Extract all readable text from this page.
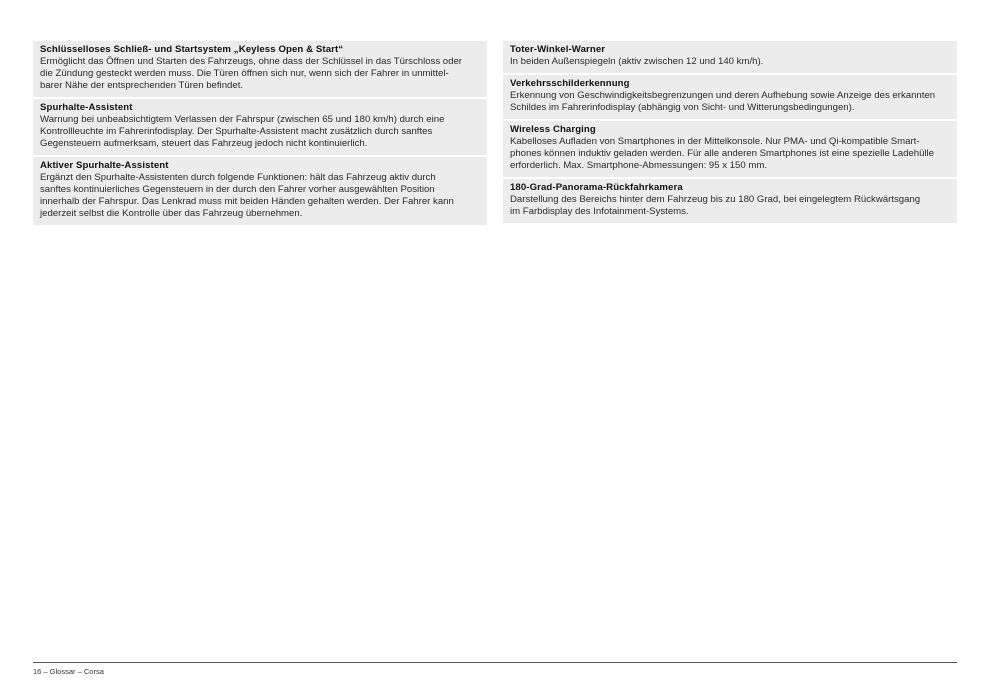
Schlüsselloses Schließ- und Startsystem „Keyless Open & Start“
Ermöglicht das Öffnen und Starten des Fahrzeugs, ohne dass der Schlüssel in das Türschloss oder
die Zündung gesteckt werden muss. Die Türen öffnen sich nur, wenn sich der Fahrer in unmittel-
barer Nähe der entsprechenden Türen befindet.
Spurhalte-Assistent
Warnung bei unbeabsichtigtem Verlassen der Fahrspur (zwischen 65 und 180 km/h) durch eine
Kontrollleuchte im Fahrerinfodisplay. Der Spurhalte-Assistent macht zusätzlich durch sanftes
Gegensteuern aufmerksam, steuert das Fahrzeug jedoch nicht kontinuierlich.
Aktiver Spurhalte-Assistent
Ergänzt den Spurhalte-Assistenten durch folgende Funktionen: hält das Fahrzeug aktiv durch
sanftes kontinuierliches Gegensteuern in der durch den Fahrer vorher ausgewählten Position
innerhalb der Fahrspur. Das Lenkrad muss mit beiden Händen gehalten werden. Der Fahrer kann
jederzeit selbst die Kontrolle über das Fahrzeug übernehmen.
Toter-Winkel-Warner
In beiden Außenspiegeln (aktiv zwischen 12 und 140 km/h).
Verkehrsschilderkennung
Erkennung von Geschwindigkeitsbegrenzungen und deren Aufhebung sowie Anzeige des erkannten
Schildes im Fahrerinfodisplay (abhängig von Sicht- und Witterungsbedingungen).
Wireless Charging
Kabelloses Aufladen von Smartphones in der Mittelkonsole. Nur PMA- und Qi-kompatible Smart-
phones können induktiv geladen werden. Für alle anderen Smartphones ist eine spezielle Ladehülle
erforderlich. Max. Smartphone-Abmessungen: 95 x 150 mm.
180-Grad-Panorama-Rückfahrkamera
Darstellung des Bereichs hinter dem Fahrzeug bis zu 180 Grad, bei eingelegtem Rückwärtsgang
im Farbdisplay des Infotainment-Systems.
16 – Glossar – Corsa
